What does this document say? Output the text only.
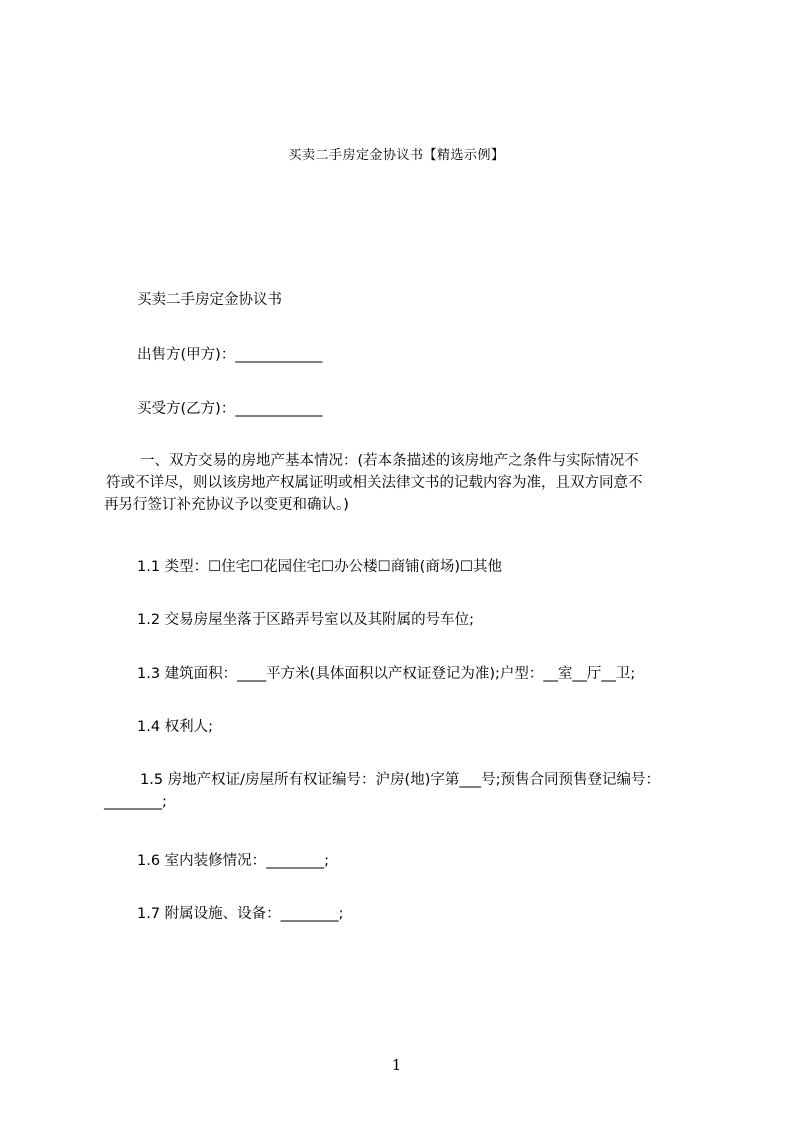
买卖二手房定金协议书【精选示例】
买卖二手房定金协议书
出售方(甲方)：____________
买受方(乙方)：____________
一、双方交易的房地产基本情况：(若本条描述的该房地产之条件与实际情况不
符或不详尽，则以该房地产权属证明或相关法律文书的记载内容为准，且双方同意不
再另行签订补充协议予以变更和确认。)
1.1 类型：☐住宅☐花园住宅☐办公楼☐商铺(商场)☐其他
1.2 交易房屋坐落于区路弄号室以及其附属的号车位;
1.3 建筑面积：____平方米(具体面积以产权证登记为准);户型：__室__厅__卫;
1.4 权利人;
1.5 房地产权证/房屋所有权证编号：沪房(地)字第___号;预售合同预售登记编号：
________;
1.6 室内装修情况：________;
1.7 附属设施、设备：________;
1
